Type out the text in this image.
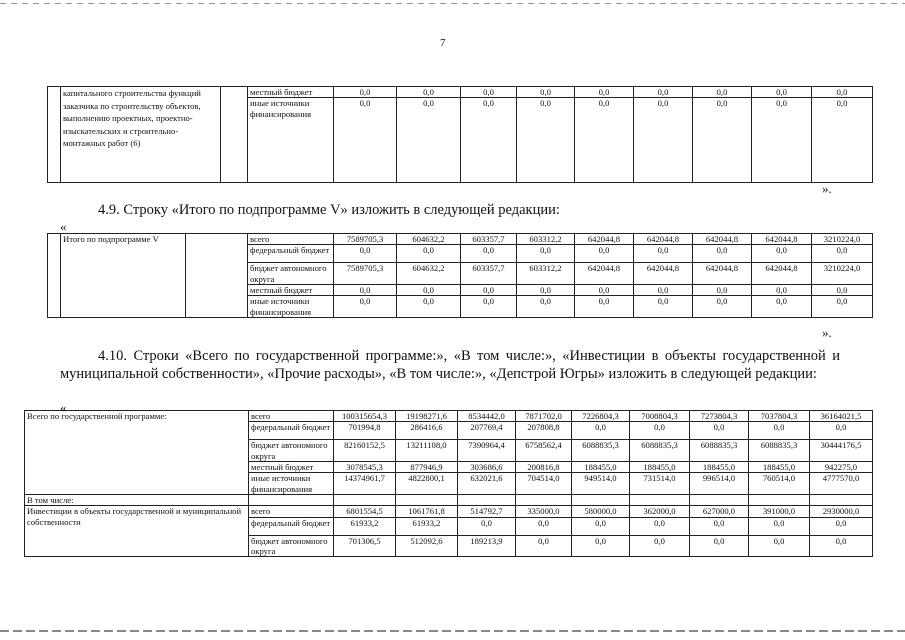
7
	капитального строительства функций заказчика по строительству объектов, выполнению проектных, проектно-изыскательских и строительно-монтажных работ (6)		местный бюджет	0,0	0,0	0,0	0,0	0,0	0,0	0,0	0,0	0,0
			иные источники финансирования	0,0	0,0	0,0	0,0	0,0	0,0	0,0	0,0	0,0
».
4.9. Строку «Итого по подпрограмме V» изложить в следующей редакции:
«
	Итого по подпрограмме V		всего	7589705,3	604632,2	603357,7	603312,2	642044,8	642044,8	642044,8	642044,8	3210224,0
			федеральный бюджет	0,0	0,0	0,0	0,0	0,0	0,0	0,0	0,0	0,0
			бюджет автономного округа	7589705,3	604632,2	603357,7	603312,2	642044,8	642044,8	642044,8	642044,8	3210224,0
			местный бюджет	0,0	0,0	0,0	0,0	0,0	0,0	0,0	0,0	0,0
			иные источники финансирования	0,0	0,0	0,0	0,0	0,0	0,0	0,0	0,0	0,0
».
4.10. Строки «Всего по государственной программе:», «В том числе:», «Инвестиции в объекты государственной и муниципальной собственности», «Прочие расходы», «В том числе:», «Депстрой Югры» изложить в следующей редакции:
«
Всего по государственной программе:	всего	100315654,3	19198271,6	8534442,0	7871702,0	7226804,3	7008804,3	7273804,3	7037804,3	36164021,5
	федеральный бюджет	701994,8	286416,6	207769,4	207808,8	0,0	0,0	0,0	0,0	0,0
	бюджет автономного округа	82160152,5	13211108,0	7390964,4	6758562,4	6088835,3	6088835,3	6088835,3	6088835,3	30444176,5
	местный бюджет	3078545,3	877946,9	303686,6	200816,8	188455,0	188455,0	188455,0	188455,0	942275,0
	иные источники финансирования	14374961,7	4822800,1	632021,6	704514,0	949514,0	731514,0	996514,0	760514,0	4777570,0
В том числе:										
Инвестиции в объекты государственной и муниципальной собственности	всего	6801554,5	1061761,8	514792,7	335000,0	580000,0	362000,0	627000,0	391000,0	2930000,0
	федеральный бюджет	61933,2	61933,2	0,0	0,0	0,0	0,0	0,0	0,0	0,0
	бюджет автономного округа	701306,5	512092,6	189213,9	0,0	0,0	0,0	0,0	0,0	0,0
